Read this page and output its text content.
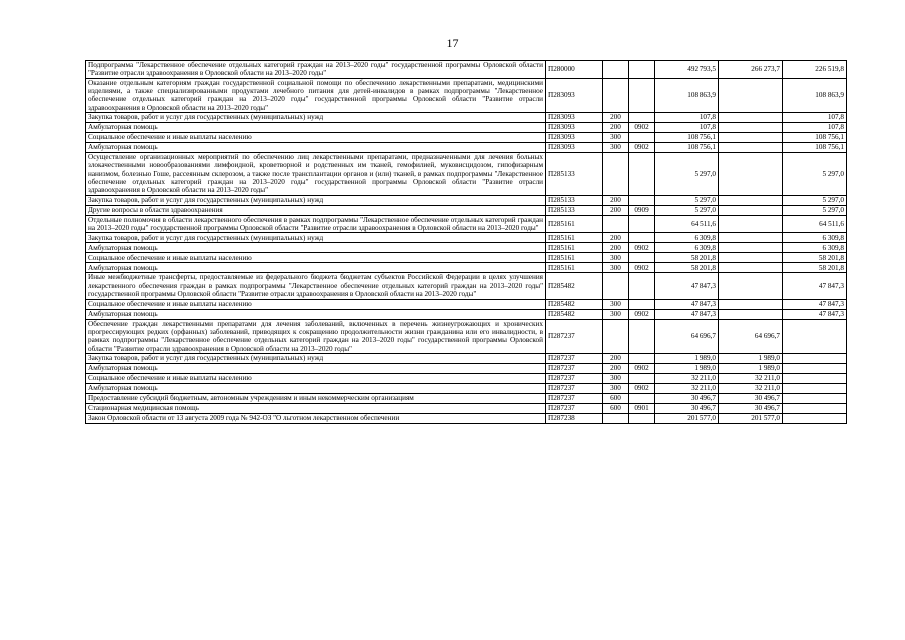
17
Подпрограмма "Лекарственное обеспечение отдельных категорий граждан на 2013–2020 годы" государственной программы Орловской области "Развитие отрасли здравоохранения в Орловской области на 2013–2020 годы"	П280000			492 793,5	266 273,7	226 519,8
Оказание отдельным категориям граждан государственной социальной помощи по обеспечению лекарственными препаратами, медицинскими изделиями, а также специализированными продуктами лечебного питания для детей-инвалидов в рамках подпрограммы "Лекарственное обеспечение отдельных категорий граждан на 2013–2020 годы" государственной программы Орловской области "Развитие отрасли здравоохранения в Орловской области на 2013–2020 годы"	П283093			108 863,9		108 863,9
Закупка товаров, работ и услуг для государственных (муниципальных) нужд	П283093	200		107,8		107,8
Амбулаторная помощь	П283093	200	0902	107,8		107,8
Социальное обеспечение и иные выплаты населению	П283093	300		108 756,1		108 756,1
Амбулаторная помощь	П283093	300	0902	108 756,1		108 756,1
Осуществление организационных мероприятий по обеспечению лиц лекарственными препаратами, предназначенными для лечения больных злокачественными новообразованиями лимфоидной, кроветворной и родственных им тканей, гемофилией, муковисцидозом, гипофизарным нанизмом, болезнью Гоше, рассеянным склерозом, а также после трансплантации органов и (или) тканей, в рамках подпрограммы "Лекарственное обеспечение отдельных категорий граждан на 2013–2020 годы" государственной программы Орловской области "Развитие отрасли здравоохранения в Орловской области на 2013–2020 годы"	П285133			5 297,0		5 297,0
Закупка товаров, работ и услуг для государственных (муниципальных) нужд	П285133	200		5 297,0		5 297,0
Другие вопросы в области здравоохранения	П285133	200	0909	5 297,0		5 297,0
Отдельные полномочия в области лекарственного обеспечения в рамках подпрограммы "Лекарственное обеспечение отдельных категорий граждан на 2013–2020 годы" государственной программы Орловской области "Развитие отрасли здравоохранения в Орловской области на 2013–2020 годы"	П285161			64 511,6		64 511,6
Закупка товаров, работ и услуг для государственных (муниципальных) нужд	П285161	200		6 309,8		6 309,8
Амбулаторная помощь	П285161	200	0902	6 309,8		6 309,8
Социальное обеспечение и иные выплаты населению	П285161	300		58 201,8		58 201,8
Амбулаторная помощь	П285161	300	0902	58 201,8		58 201,8
Иные межбюджетные трансферты, предоставляемые из федерального бюджета бюджетам субъектов Российской Федерации в целях улучшения лекарственного обеспечения граждан в рамках подпрограммы "Лекарственное обеспечение отдельных категорий граждан на 2013–2020 годы" государственной программы Орловской области "Развитие отрасли здравоохранения в Орловской области на 2013–2020 годы"	П285482			47 847,3		47 847,3
Социальное обеспечение и иные выплаты населению	П285482	300		47 847,3		47 847,3
Амбулаторная помощь	П285482	300	0902	47 847,3		47 847,3
Обеспечение граждан лекарственными препаратами для лечения заболеваний, включенных в перечень жизнеугрожающих и хронических прогрессирующих редких (орфанных) заболеваний, приводящих к сокращению продолжительности жизни гражданина или его инвалидности, в рамках подпрограммы "Лекарственное обеспечение отдельных категорий граждан на 2013–2020 годы" государственной программы Орловской области "Развитие отрасли здравоохранения в Орловской области на 2013–2020 годы"	П287237			64 696,7	64 696,7	
Закупка товаров, работ и услуг для государственных (муниципальных) нужд	П287237	200		1 989,0	1 989,0	
Амбулаторная помощь	П287237	200	0902	1 989,0	1 989,0	
Социальное обеспечение и иные выплаты населению	П287237	300		32 211,0	32 211,0	
Амбулаторная помощь	П287237	300	0902	32 211,0	32 211,0	
Предоставление субсидий бюджетным, автономным учреждениям и иным некоммерческим организациям	П287237	600		30 496,7	30 496,7	
Стационарная медицинская помощь	П287237	600	0901	30 496,7	30 496,7	
Закон Орловской области от 13 августа 2009 года № 942-ОЗ "О льготном лекарственном обеспечении	П287238			201 577,0	201 577,0	
